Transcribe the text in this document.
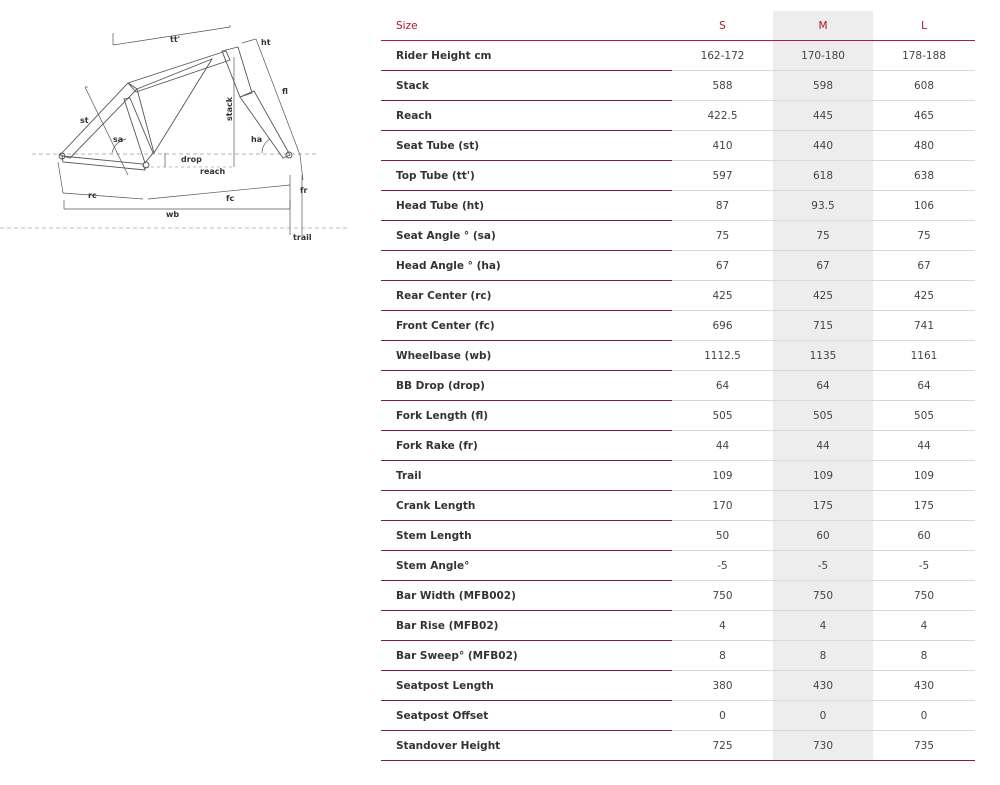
tt'	ht
fl
st
sa
stack
ha
drop
reach
rc	fc
wb
fr
trail
Size	S	M	L
Rider Height cm	162-172	170-180	178-188
Stack	588	598	608
Reach	422.5	445	465
Seat Tube (st)	410	440	480
Top Tube (tt')	597	618	638
Head Tube (ht)	87	93.5	106
Seat Angle ° (sa)	75	75	75
Head Angle ° (ha)	67	67	67
Rear Center (rc)	425	425	425
Front Center (fc)	696	715	741
Wheelbase (wb)	1112.5	1135	1161
BB Drop (drop)	64	64	64
Fork Length (fl)	505	505	505
Fork Rake (fr)	44	44	44
Trail	109	109	109
Crank Length	170	175	175
Stem Length	50	60	60
Stem Angle°	-5	-5	-5
Bar Width (MFB002)	750	750	750
Bar Rise (MFB02)	4	4	4
Bar Sweep° (MFB02)	8	8	8
Seatpost Length	380	430	430
Seatpost Offset	0	0	0
Standover Height	725	730	735
